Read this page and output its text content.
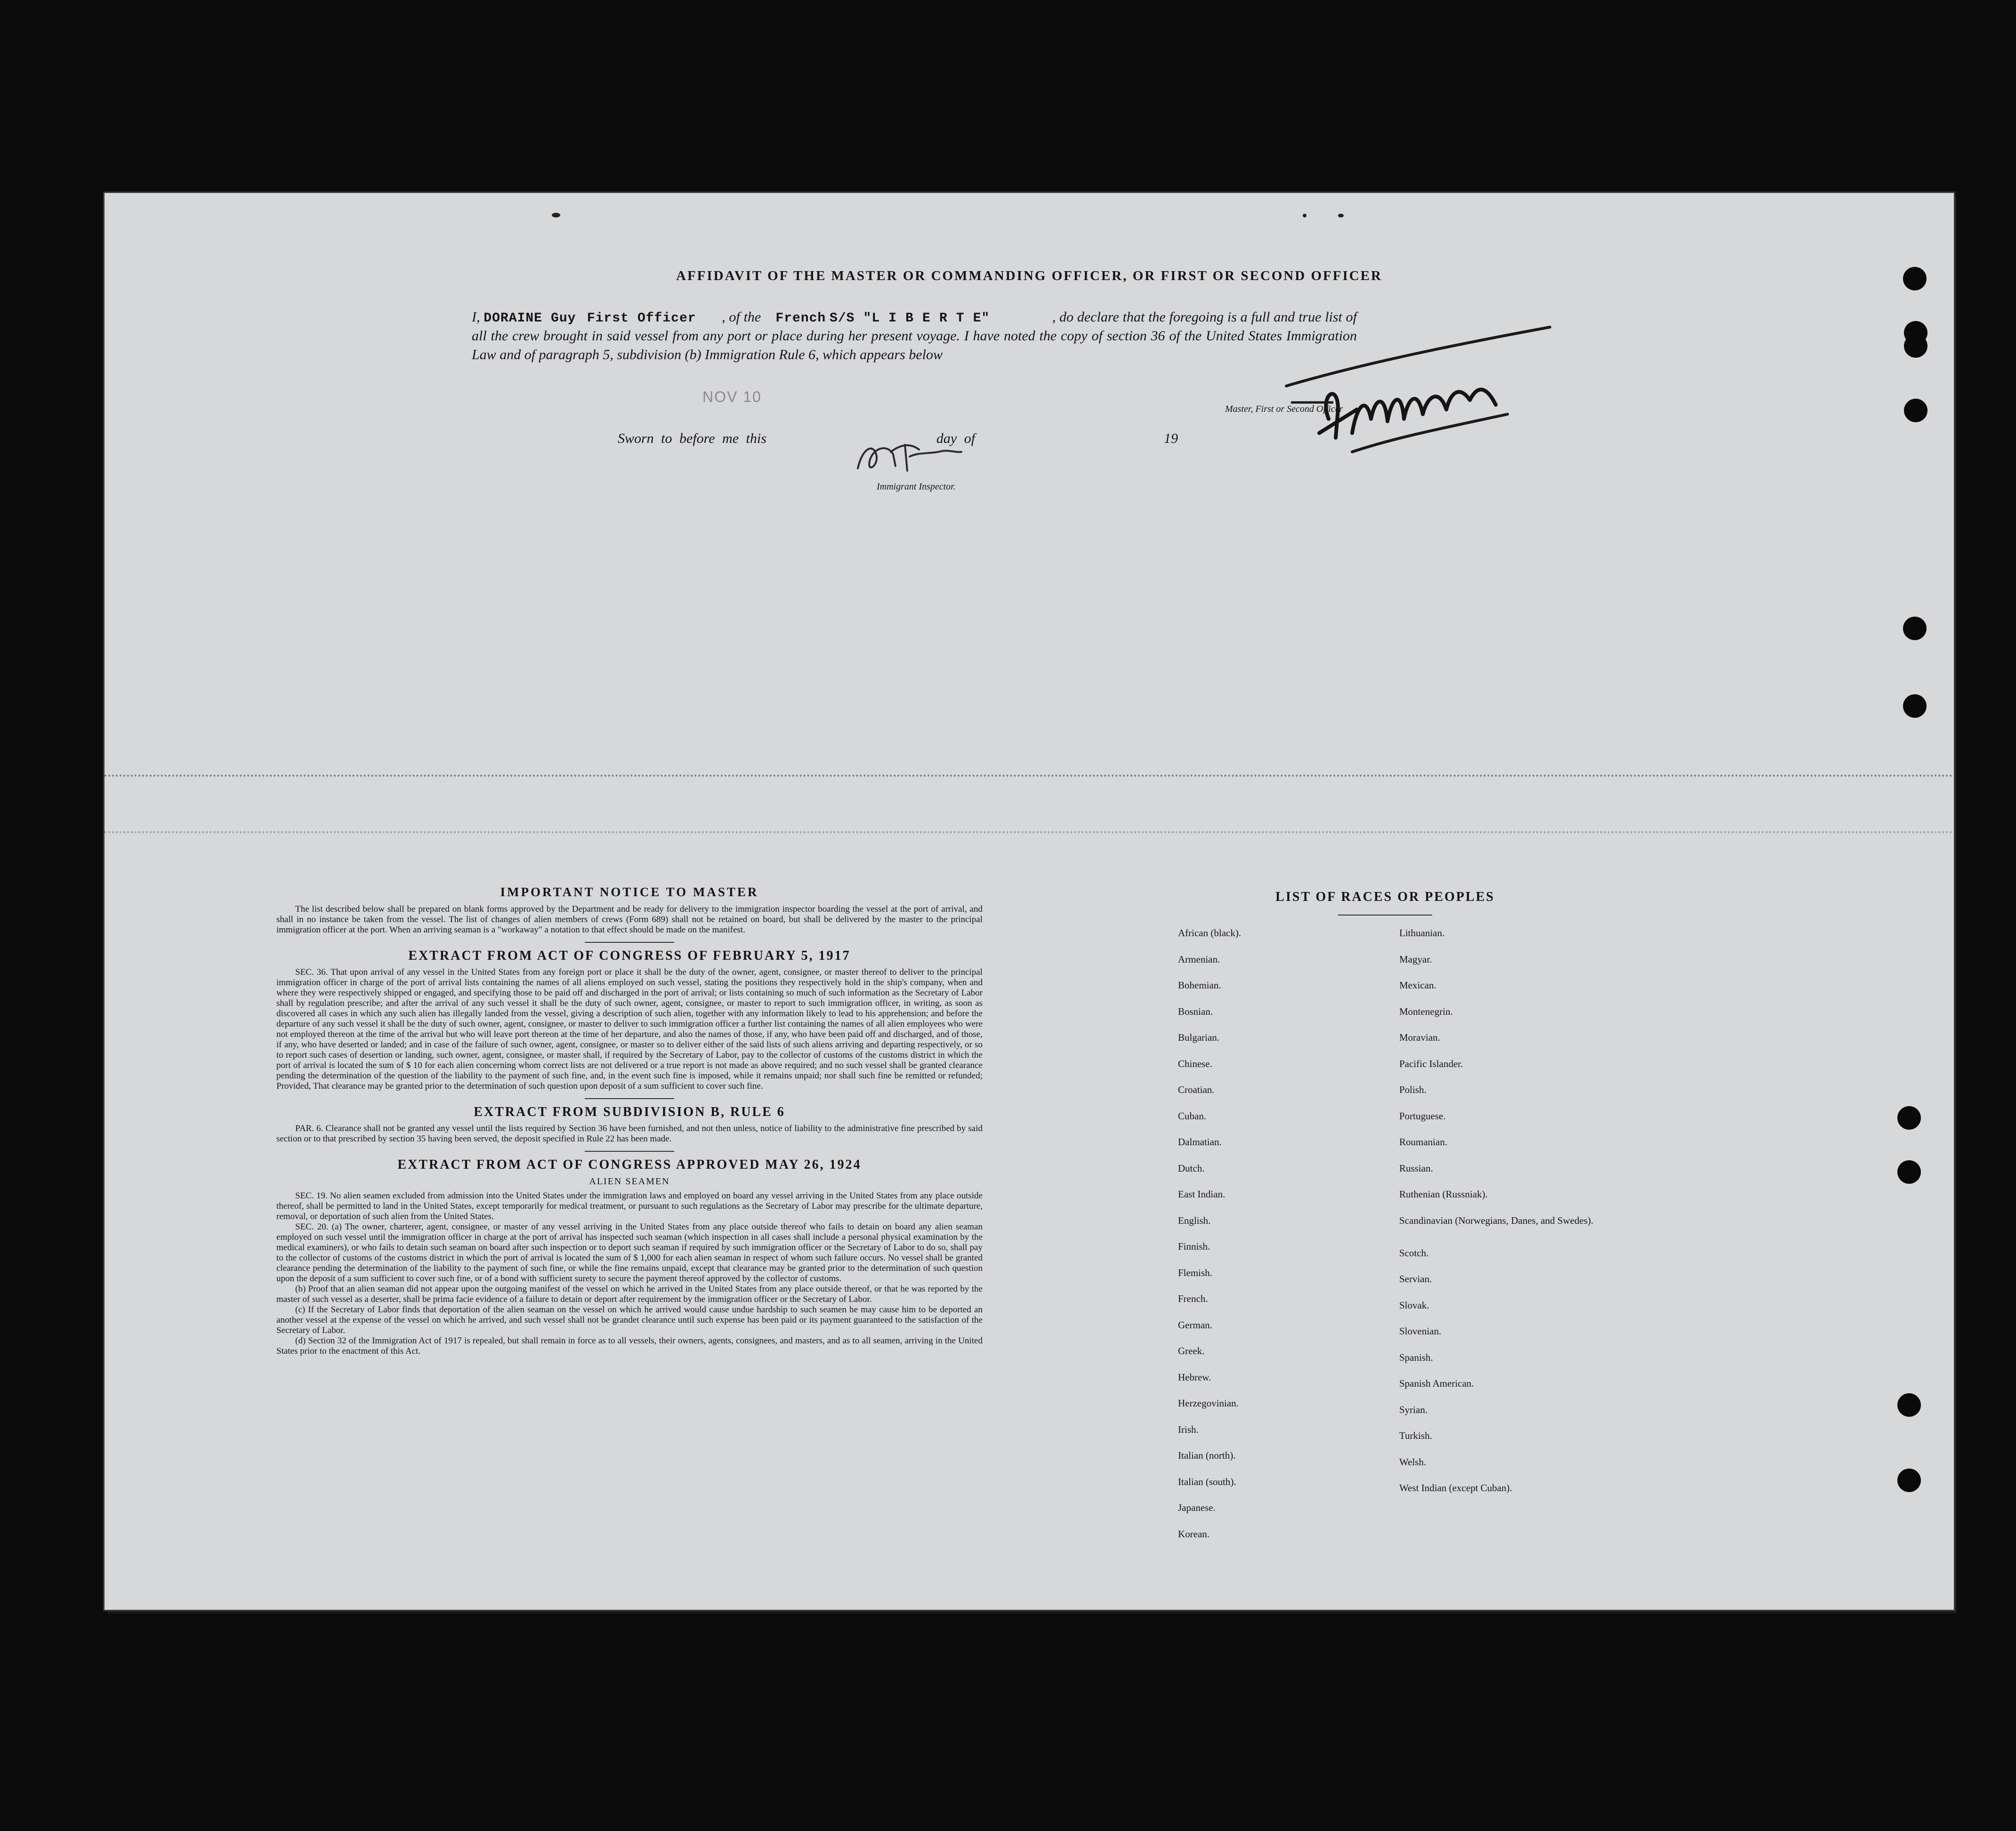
AFFIDAVIT OF THE MASTER OR COMMANDING OFFICER, OR FIRST OR SECOND OFFICER
I, DORAINE Guy First Officer , of the French S/S "L I B E R T E"	, do declare that the foregoing is a full and true list of all the crew brought in said vessel from any port or place during her present voyage. I have noted the copy of section 36 of the United States Immigration Law and of paragraph 5, subdivision (b) Immigration Rule 6, which appears below
NOV 10
Sworn to before me this	day of	19
Master, First or Second Officer
Immigrant Inspector.
IMPORTANT NOTICE TO MASTER

The list described below shall be prepared on blank forms approved by the Department and be ready for delivery to the immigration inspector boarding the vessel at the port of arrival, and shall in no instance be taken from the vessel. The list of changes of alien members of crews (Form 689) shall not be retained on board, but shall be delivered by the master to the principal immigration officer at the port. When an arriving seaman is a "workaway" a notation to that effect should be made on the manifest.

EXTRACT FROM ACT OF CONGRESS OF FEBRUARY 5, 1917

SEC. 36. That upon arrival of any vessel in the United States from any foreign port or place it shall be the duty of the owner, agent, consignee, or master thereof to deliver to the principal immigration officer in charge of the port of arrival lists containing the names of all aliens employed on such vessel, stating the positions they respectively hold in the ship's company, when and where they were respectively shipped or engaged, and specifying those to be paid off and discharged in the port of arrival; or lists containing so much of such information as the Secretary of Labor shall by regulation prescribe; and after the arrival of any such vessel it shall be the duty of such owner, agent, consignee, or master to report to such immigration officer, in writing, as soon as discovered all cases in which any such alien has illegally landed from the vessel, giving a description of such alien, together with any information likely to lead to his apprehension; and before the departure of any such vessel it shall be the duty of such owner, agent, consignee, or master to deliver to such immigration officer a further list containing the names of all alien employees who were not employed thereon at the time of the arrival but who will leave port thereon at the time of her departure, and also the names of those, if any, who have been paid off and discharged, and of those, if any, who have deserted or landed; and in case of the failure of such owner, agent, consignee, or master so to deliver either of the said lists of such aliens arriving and departing respectively, or so to report such cases of desertion or landing, such owner, agent, consignee, or master shall, if required by the Secretary of Labor, pay to the collector of customs of the customs district in which the port of arrival is located the sum of $ 10 for each alien concerning whom correct lists are not delivered or a true report is not made as above required; and no such vessel shall be granted clearance pending the determination of the question of the liability to the payment of such fine, and, in the event such fine is imposed, while it remains unpaid; nor shall such fine be remitted or refunded; Provided, That clearance may be granted prior to the determination of such question upon deposit of a sum sufficient to cover such fine.

EXTRACT FROM SUBDIVISION B, RULE 6

PAR. 6. Clearance shall not be granted any vessel until the lists required by Section 36 have been furnished, and not then unless, notice of liability to the administrative fine prescribed by said section or to that prescribed by section 35 having been served, the deposit specified in Rule 22 has been made.

EXTRACT FROM ACT OF CONGRESS APPROVED MAY 26, 1924
ALIEN SEAMEN

SEC. 19. No alien seamen excluded from admission into the United States under the immigration laws and employed on board any vessel arriving in the United States from any place outside thereof, shall be permitted to land in the United States, except temporarily for medical treatment, or pursuant to such regulations as the Secretary of Labor may prescribe for the ultimate departure, removal, or deportation of such alien from the United States.

SEC. 20. (a) The owner, charterer, agent, consignee, or master of any vessel arriving in the United States from any place outside thereof who fails to detain on board any alien seaman employed on such vessel until the immigration officer in charge at the port of arrival has inspected such seaman (which inspection in all cases shall include a personal physical examination by the medical examiners), or who fails to detain such seaman on board after such inspection or to deport such seaman if required by such immigration officer or the Secretary of Labor to do so, shall pay to the collector of customs of the customs district in which the port of arrival is located the sum of $ 1,000 for each alien seaman in respect of whom such failure occurs. No vessel shall be granted clearance pending the determination of the liability to the payment of such fine, or while the fine remains unpaid, except that clearance may be granted prior to the determination of such question upon the deposit of a sum sufficient to cover such fine, or of a bond with sufficient surety to secure the payment thereof approved by the collector of customs.

(b) Proof that an alien seaman did not appear upon the outgoing manifest of the vessel on which he arrived in the United States from any place outside thereof, or that he was reported by the master of such vessel as a deserter, shall be prima facie evidence of a failure to detain or deport after requirement by the immigration officer or the Secretary of Labor.

(c) If the Secretary of Labor finds that deportation of the alien seaman on the vessel on which he arrived would cause undue hardship to such seamen he may cause him to be deported an another vessel at the expense of the vessel on which he arrived, and such vessel shall not be grandet clearance until such expense has been paid or its payment guaranteed to the satisfaction of the Secretary of Labor.

(d) Section 32 of the Immigration Act of 1917 is repealed, but shall remain in force as to all vessels, their owners, agents, consignees, and masters, and as to all seamen, arriving in the United States prior to the enactment of this Act.

LIST OF RACES OR PEOPLES
African (black).
Armenian.
Bohemian.
Bosnian.
Bulgarian.
Chinese.
Croatian.
Cuban.
Dalmatian.
Dutch.
East Indian.
English.
Finnish.
Flemish.
French.
German.
Greek.
Hebrew.
Herzegovinian.
Irish.
Italian (north).
Italian (south).
Japanese.
Korean.
Lithuanian.
Magyar.
Mexican.
Montenegrin.
Moravian.
Pacific Islander.
Polish.
Portuguese.
Roumanian.
Russian.
Ruthenian (Russniak).
Scandinavian (Norwegians, Danes, and Swedes).
Scotch.
Servian.
Slovak.
Slovenian.
Spanish.
Spanish American.
Syrian.
Turkish.
Welsh.
West Indian (except Cuban).
